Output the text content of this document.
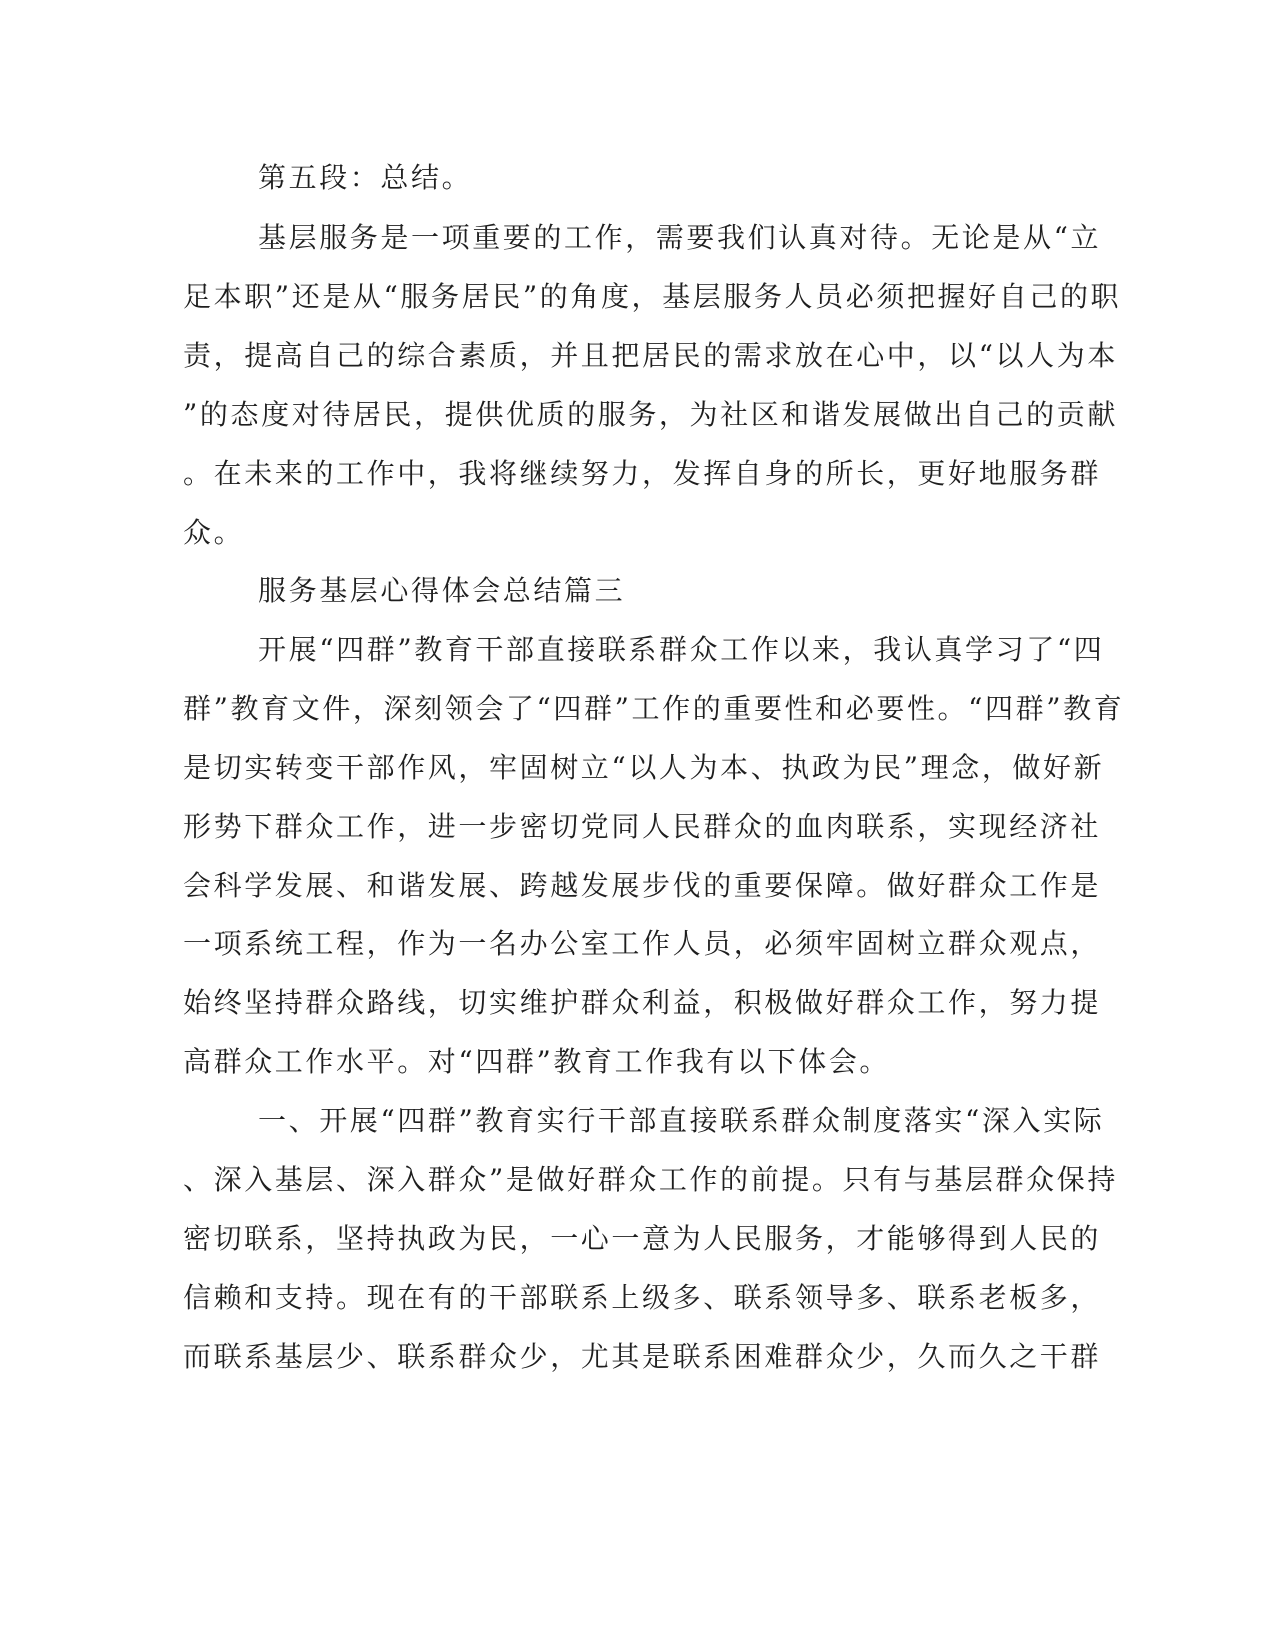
第五段：总结。
基层服务是一项重要的工作，需要我们认真对待。无论是从“立
足本职”还是从“服务居民”的角度，基层服务人员必须把握好自己的职
责，提高自己的综合素质，并且把居民的需求放在心中，以“以人为本
”的态度对待居民，提供优质的服务，为社区和谐发展做出自己的贡献
。在未来的工作中，我将继续努力，发挥自身的所长，更好地服务群
众。
服务基层心得体会总结篇三
开展“四群”教育干部直接联系群众工作以来，我认真学习了“四
群”教育文件，深刻领会了“四群”工作的重要性和必要性。“四群”教育
是切实转变干部作风，牢固树立“以人为本、执政为民”理念，做好新
形势下群众工作，进一步密切党同人民群众的血肉联系，实现经济社
会科学发展、和谐发展、跨越发展步伐的重要保障。做好群众工作是
一项系统工程，作为一名办公室工作人员，必须牢固树立群众观点，
始终坚持群众路线，切实维护群众利益，积极做好群众工作，努力提
高群众工作水平。对“四群”教育工作我有以下体会。
一、开展“四群”教育实行干部直接联系群众制度落实“深入实际
、深入基层、深入群众”是做好群众工作的前提。只有与基层群众保持
密切联系，坚持执政为民，一心一意为人民服务，才能够得到人民的
信赖和支持。现在有的干部联系上级多、联系领导多、联系老板多，
而联系基层少、联系群众少，尤其是联系困难群众少，久而久之干群
